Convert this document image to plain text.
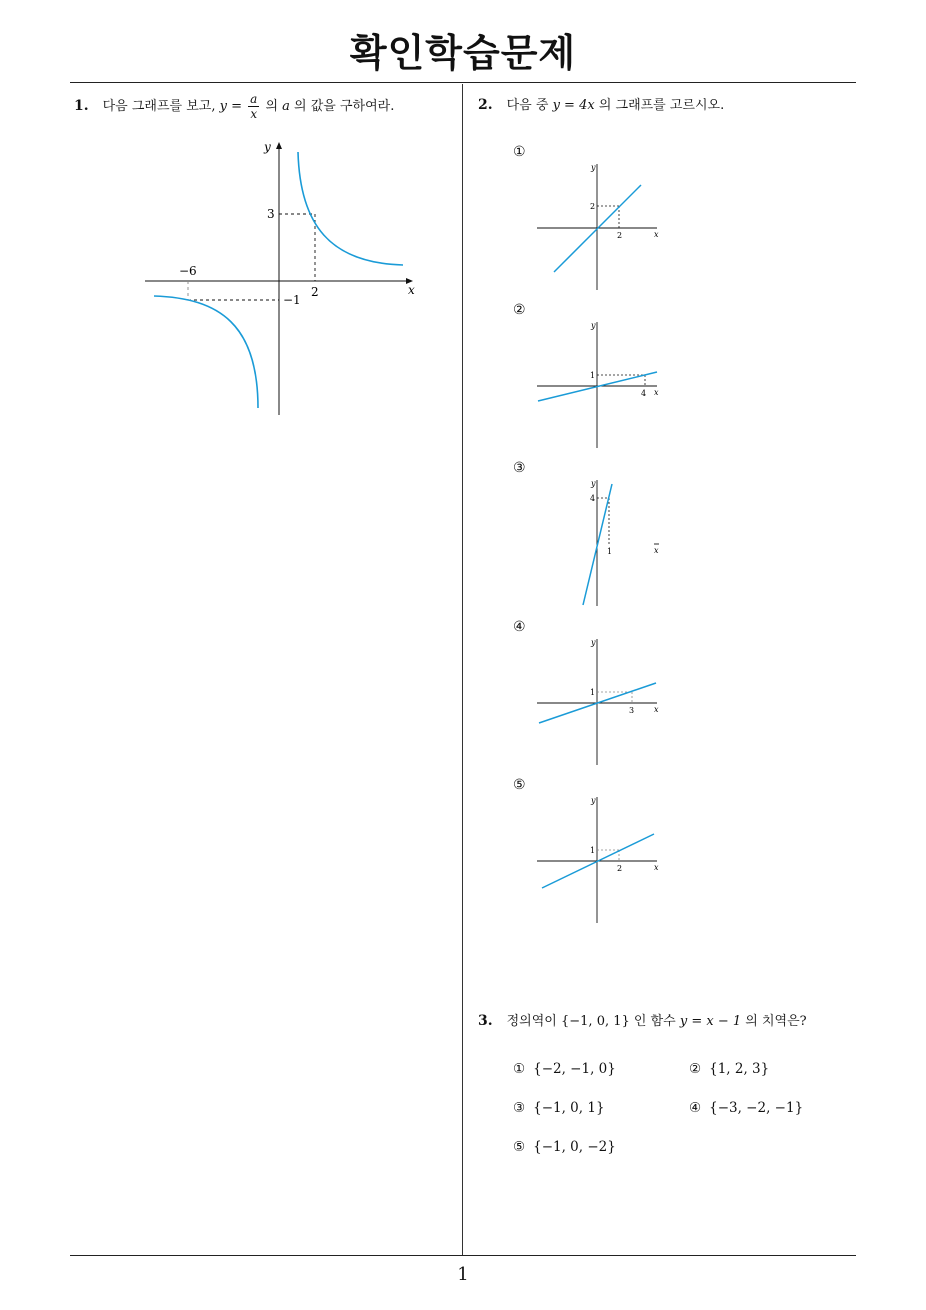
확인학습문제
1. 다음 그래프를 보고, $y = \frac{a}{x}$ 의 a 의 값을 구하여라.
x
y
3
2
−6
−1
2. 다음 중 y = 4x 의 그래프를 고르시오.
①
②
③
④
⑤
x
y
2
2
x
y
1
4
x
y
4
1
x
y
1
3
x
y
1
2
3. 정의역이 {−1, 0, 1} 인 함수 y = x − 1 의 치역은?
① {−2, −1, 0}	② {1, 2, 3}
③ {−1, 0, 1}	④ {−3, −2, −1}
⑤ {−1, 0, −2}
1
